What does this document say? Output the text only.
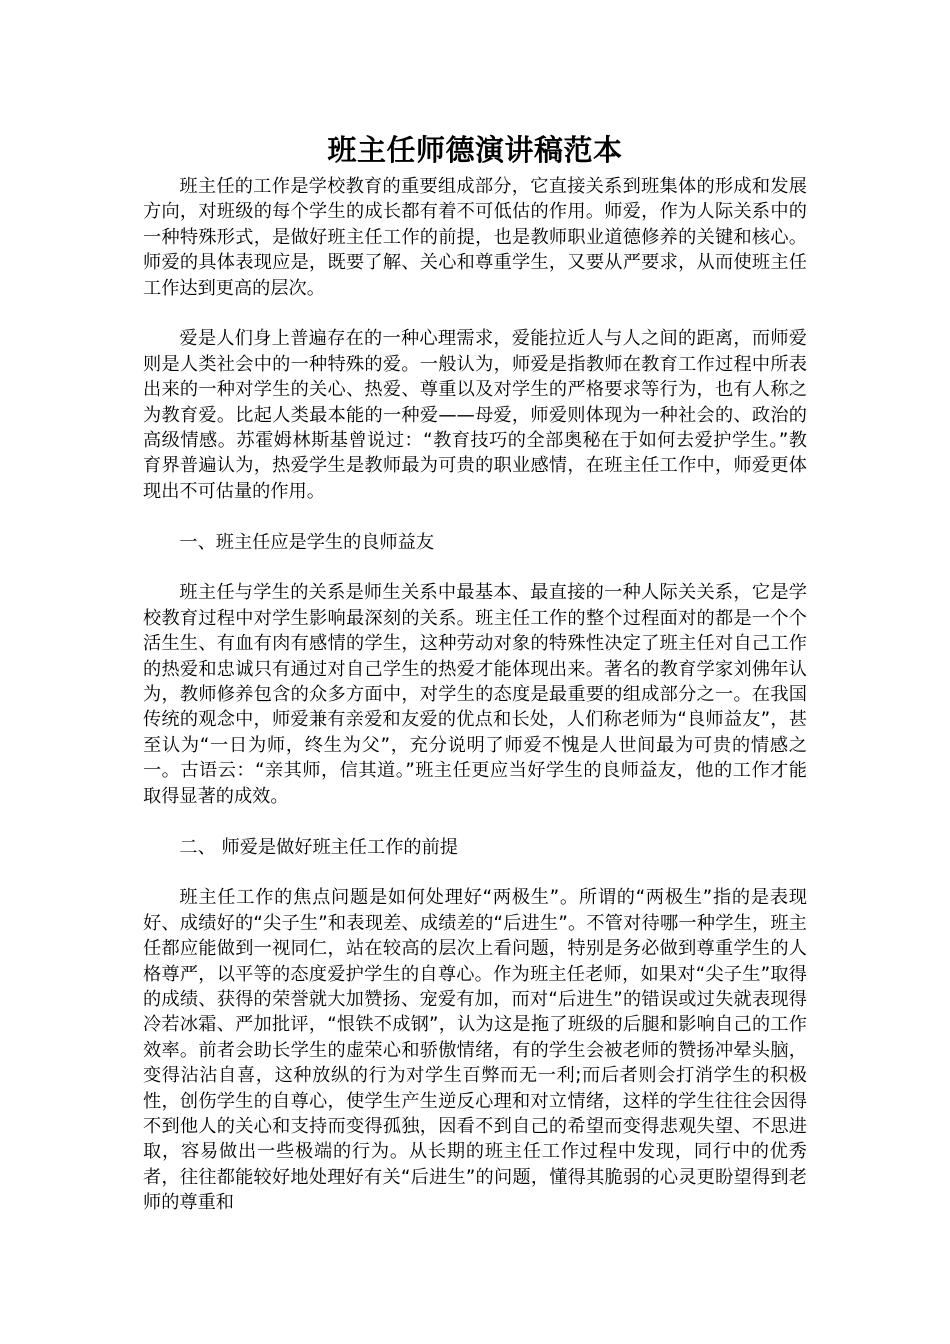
班主任师德演讲稿范本

班主任的工作是学校教育的重要组成部分，它直接关系到班集体的形成和发展方向，对班级的每个学生的成长都有着不可低估的作用。师爱，作为人际关系中的一种特殊形式，是做好班主任工作的前提，也是教师职业道德修养的关键和核心。师爱的具体表现应是，既要了解、关心和尊重学生，又要从严要求，从而使班主任工作达到更高的层次。

爱是人们身上普遍存在的一种心理需求，爱能拉近人与人之间的距离，而师爱则是人类社会中的一种特殊的爱。一般认为，师爱是指教师在教育工作过程中所表出来的一种对学生的关心、热爱、尊重以及对学生的严格要求等行为，也有人称之为教育爱。比起人类最本能的一种爱——母爱，师爱则体现为一种社会的、政治的高级情感。苏霍姆林斯基曾说过：“教育技巧的全部奥秘在于如何去爱护学生。”教育界普遍认为，热爱学生是教师最为可贵的职业感情，在班主任工作中，师爱更体现出不可估量的作用。

一、班主任应是学生的良师益友

班主任与学生的关系是师生关系中最基本、最直接的一种人际关关系，它是学校教育过程中对学生影响最深刻的关系。班主任工作的整个过程面对的都是一个个活生生、有血有肉有感情的学生，这种劳动对象的特殊性决定了班主任对自己工作的热爱和忠诚只有通过对自己学生的热爱才能体现出来。著名的教育学家刘佛年认为，教师修养包含的众多方面中，对学生的态度是最重要的组成部分之一。在我国传统的观念中，师爱兼有亲爱和友爱的优点和长处，人们称老师为“良师益友”，甚至认为“一日为师，终生为父”，充分说明了师爱不愧是人世间最为可贵的情感之一。古语云：“亲其师，信其道。”班主任更应当好学生的良师益友，他的工作才能取得显著的成效。

二、 师爱是做好班主任工作的前提

班主任工作的焦点问题是如何处理好“两极生”。所谓的“两极生”指的是表现好、成绩好的“尖子生”和表现差、成绩差的“后进生”。不管对待哪一种学生，班主任都应能做到一视同仁，站在较高的层次上看问题，特别是务必做到尊重学生的人格尊严，以平等的态度爱护学生的自尊心。作为班主任老师，如果对“尖子生”取得的成绩、获得的荣誉就大加赞扬、宠爱有加，而对“后进生”的错误或过失就表现得冷若冰霜、严加批评，“恨铁不成钢”，认为这是拖了班级的后腿和影响自己的工作效率。前者会助长学生的虚荣心和骄傲情绪，有的学生会被老师的赞扬冲晕头脑，变得沾沾自喜，这种放纵的行为对学生百弊而无一利;而后者则会打消学生的积极性，创伤学生的自尊心，使学生产生逆反心理和对立情绪，这样的学生往往会因得不到他人的关心和支持而变得孤独，因看不到自己的希望而变得悲观失望、不思进取，容易做出一些极端的行为。从长期的班主任工作过程中发现，同行中的优秀者，往往都能较好地处理好有关“后进生”的问题，懂得其脆弱的心灵更盼望得到老师的尊重和
